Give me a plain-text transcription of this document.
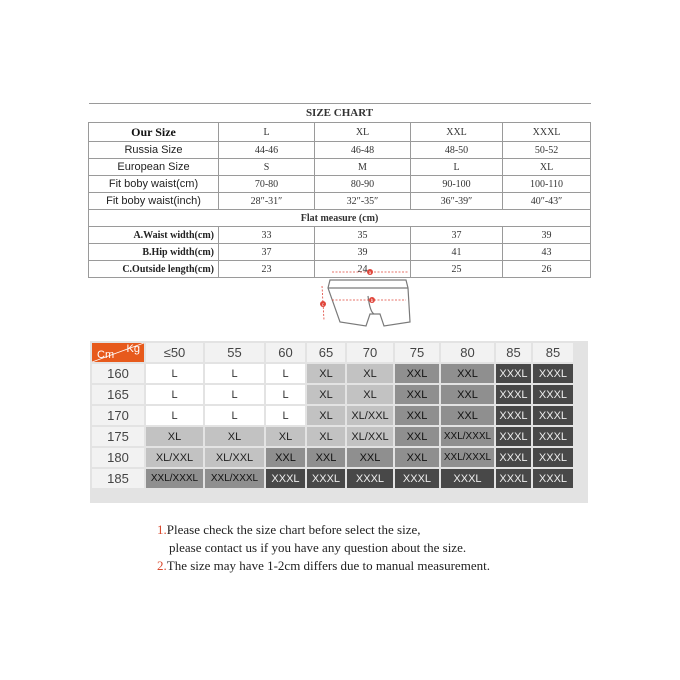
SIZE CHART				
Our Size	L	XL	XXL	XXXL
Russia Size	44-46	46-48	48-50	50-52
European Size	S	M	L	XL
Fit boby waist(cm)	70-80	80-90	90-100	100-110
Fit boby waist(inch)	28″-31″	32″-35″	36″-39″	40″-43″
Flat measure (cm)				
A.Waist width(cm)	33	35	37	39
B.Hip width(cm)	37	39	41	43
C.Outside length(cm)	23	24	25	26
a
b
c
Cm Kg	≤50	55	60	65	70	75	80	85	85
160	L	L	L	XL	XL	XXL	XXL	XXXL	XXXL
165	L	L	L	XL	XL	XXL	XXL	XXXL	XXXL
170	L	L	L	XL	XL/XXL	XXL	XXL	XXXL	XXXL
175	XL	XL	XL	XL	XL/XXL	XXL	XXL/XXXL	XXXL	XXXL
180	XL/XXL	XL/XXL	XXL	XXL	XXL	XXL	XXL/XXXL	XXXL	XXXL
185	XXL/XXXL	XXL/XXXL	XXXL	XXXL	XXXL	XXXL	XXXL	XXXL	XXXL
1.Please check the size chart before select the size,
please contact us if you have any question about the size.
2.The size may have 1-2cm differs due to manual measurement.
